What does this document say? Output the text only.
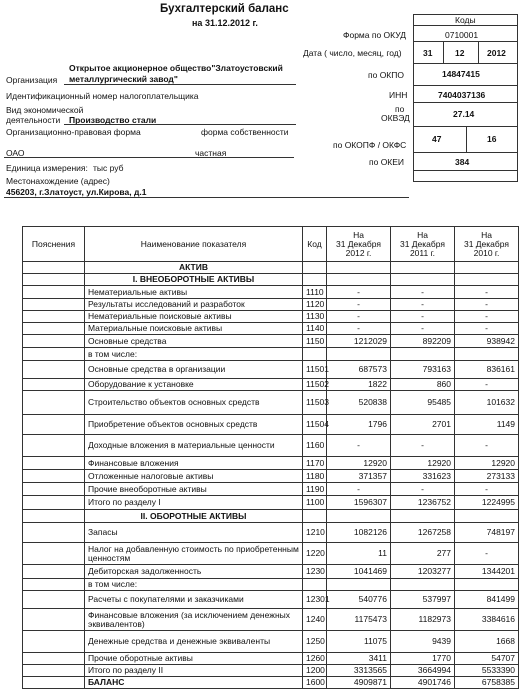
Бухгалтерский баланс
на 31.12.2012 г.	Коды
Форма по ОКУД	0710001
Дата ( число, месяц, год)	31	12	2012
Организация
Открытое акционерное общество"Златоустовский
металлургический завод"	по ОКПО	14847415
Идентификационный номер налогоплательщика	ИНН	7404037136
Вид экономической
деятельности Производство стали
по
ОКВЭД	27.14
Организационно-правовая форма	форма собственности
по ОКОПФ / ОКФС
47	16
ОАО	частная
Единица измерения: тыс руб
по ОКЕИ	384
Местонахождение (адрес)
456203, г.Златоуст, ул.Кирова, д.1
Пояснения	Наименование показателя	Код	На
31 Декабря
2012 г.	На
31 Декабря
2011 г.	На
31 Декабря
2010 г.
	АКТИВ				
	I. ВНЕОБОРОТНЫЕ АКТИВЫ				
	Нематериальные активы	1110	-	-	-
	Результаты исследований и разработок	1120	-	-	-
	Нематериальные поисковые активы	1130	-	-	-
	Материальные поисковые активы	1140	-	-	-
	Основные средства	1150	1212029	892209	938942
	в том числе:				
	Основные средства в организации	11501	687573	793163	836161
	Оборудование к установке	11502	1822	860	-
	Строительство объектов основных средств	11503	520838	95485	101632
	Приобретение объектов основных средств	11504	1796	2701	1149
	Доходные вложения в материальные ценности	1160	-	-	-
	Финансовые вложения	1170	12920	12920	12920
	Отложенные налоговые активы	1180	371357	331623	273133
	Прочие внеоборотные активы	1190	-	-	-
	Итого по разделу I	1100	1596307	1236752	1224995
	II. ОБОРОТНЫЕ АКТИВЫ				
	Запасы	1210	1082126	1267258	748197
	Налог на добавленную стоимость по приобретенным ценностям	1220	11	277	-
	Дебиторская задолженность	1230	1041469	1203277	1344201
	в том числе:				
	Расчеты с покупателями и заказчиками	12301	540776	537997	841499
	Финансовые вложения (за исключением денежных эквивалентов)	1240	1175473	1182973	3384616
	Денежные средства и денежные эквиваленты	1250	11075	9439	1668
	Прочие оборотные активы	1260	3411	1770	54707
	Итого по разделу II	1200	3313565	3664994	5533390
	БАЛАНС	1600	4909871	4901746	6758385
